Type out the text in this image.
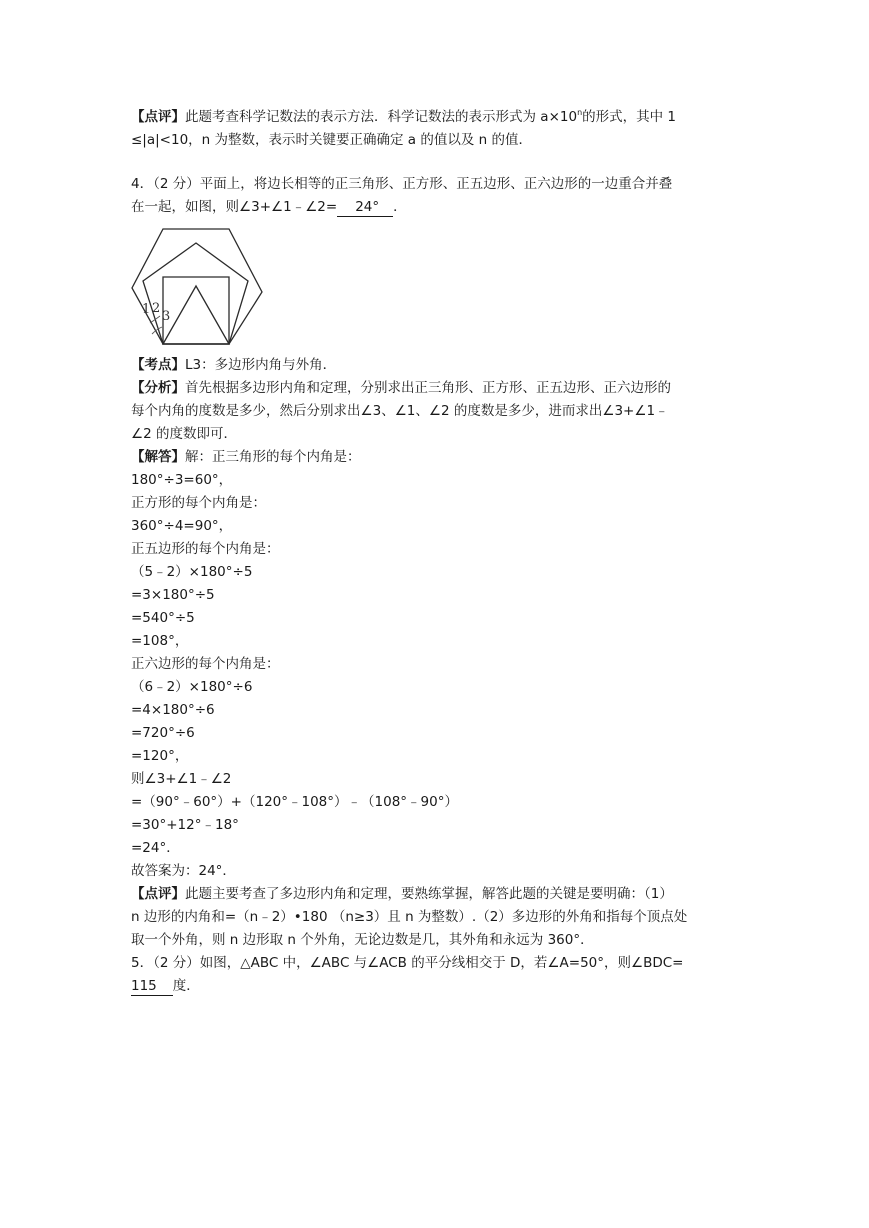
【点评】此题考查科学记数法的表示方法．科学记数法的表示形式为 $a\times 10^n$的形式，其中 1
≤|a|<10，n 为整数，表示时关键要正确确定 a 的值以及 n 的值．
4．（2 分）平面上，将边长相等的正三角形、正方形、正五边形、正六边形的一边重合并叠
在一起，如图，则∠3+∠1﹣∠2= 24° ．
1 2
3
【考点】L3：多边形内角与外角．
【分析】首先根据多边形内角和定理，分别求出正三角形、正方形、正五边形、正六边形的
每个内角的度数是多少，然后分别求出∠3、∠1、∠2 的度数是多少，进而求出∠3+∠1﹣
∠2 的度数即可．
【解答】解：正三角形的每个内角是：
180°÷3=60°，
正方形的每个内角是：
360°÷4=90°，
正五边形的每个内角是：
（5﹣2）×180°÷5
=3×180°÷5
=540°÷5
=108°，
正六边形的每个内角是：
（6﹣2）×180°÷6
=4×180°÷6
=720°÷6
=120°，
则∠3+∠1﹣∠2
=（90°﹣60°）+（120°﹣108°）﹣（108°﹣90°）
=30°+12°﹣18°
=24°．
故答案为：24°．
【点评】此题主要考查了多边形内角和定理，要熟练掌握，解答此题的关键是要明确：（1）
n 边形的内角和=（n﹣2）•180 （n≥3）且 n 为整数）.（2）多边形的外角和指每个顶点处
取一个外角，则 n 边形取 n 个外角，无论边数是几，其外角和永远为 360°．
5．（2 分）如图，△ABC 中，∠ABC 与∠ACB 的平分线相交于 D，若∠A=50°，则∠BDC=
115 度．
